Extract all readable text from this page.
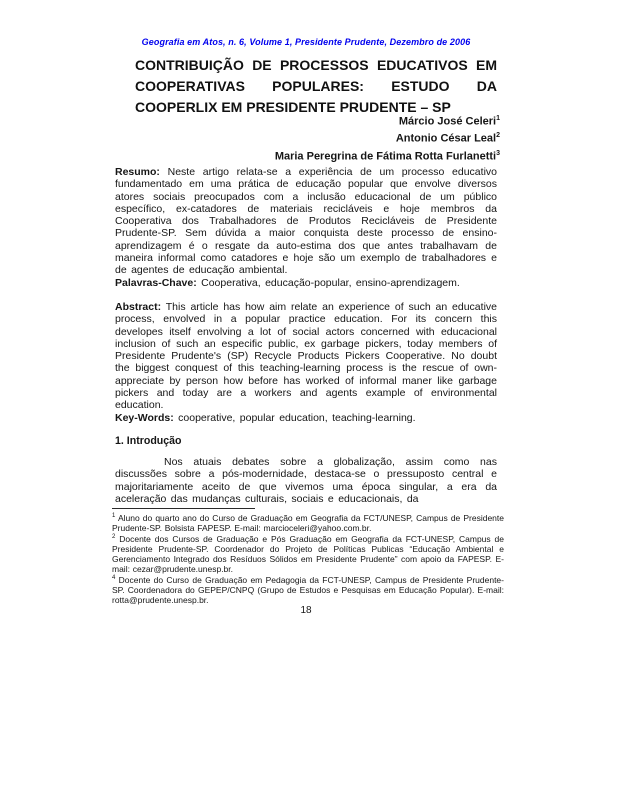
Geografia em Atos, n. 6, Volume 1, Presidente Prudente, Dezembro de 2006
CONTRIBUIÇÃO DE PROCESSOS EDUCATIVOS EM
COOPERATIVAS POPULARES: ESTUDO DA
COOPERLIX EM PRESIDENTE PRUDENTE – SP
Márcio José Celeri$^1$
Antonio César Leal$^2$
Maria Peregrina de Fátima Rotta Furlanetti$^3$

Resumo: Neste artigo relata-se a experiência de um processo educativo fundamentado em uma prática de educação popular que envolve diversos atores sociais preocupados com a inclusão educacional de um público específico, ex-catadores de materiais recicláveis e hoje membros da Cooperativa dos Trabalhadores de Produtos Recicláveis de Presidente Prudente-SP. Sem dúvida a maior conquista deste processo de ensino-aprendizagem é o resgate da auto-estima dos que antes trabalhavam de maneira informal como catadores e hoje são um exemplo de trabalhadores e de agentes de educação ambiental.

Palavras-Chave: Cooperativa, educação-popular, ensino-aprendizagem.

Abstract: This article has how aim relate an experience of such an educative process, envolved in a popular practice education. For its concern this developes itself envolving a lot of social actors concerned with educacional inclusion of such an especific public, ex garbage pickers, today members of Presidente Prudente's (SP) Recycle Products Pickers Cooperative. No doubt the biggest conquest of this teaching-learning process is the rescue of own-appreciate by person how before has worked of informal maner like garbage pickers and today are a workers and agents example of environmental education.

Key-Words: cooperative, popular education, teaching-learning.

1. Introdução

Nos atuais debates sobre a globalização, assim como nas discussões sobre a pós-modernidade, destaca-se o pressuposto central e majoritariamente aceito de que vivemos uma época singular, a era da aceleração das mudanças culturais, sociais e educacionais, da

$^1$ Aluno do quarto ano do Curso de Graduação em Geografia da FCT/UNESP, Campus de Presidente Prudente-SP. Bolsista FAPESP. E-mail: marcioceleri@yahoo.com.br.

$^2$ Docente dos Cursos de Graduação e Pós Graduação em Geografia da FCT-UNESP, Campus de Presidente Prudente-SP. Coordenador do Projeto de Políticas Publicas “Educação Ambiental e Gerenciamento Integrado dos Resíduos Sólidos em Presidente Prudente” com apoio da FAPESP. E-mail: cezar@prudente.unesp.br.

$^4$ Docente do Curso de Graduação em Pedagogia da FCT-UNESP, Campus de Presidente Prudente-SP. Coordenadora do GEPEP/CNPQ (Grupo de Estudos e Pesquisas em Educação Popular). E-mail: rotta@prudente.unesp.br.

18
